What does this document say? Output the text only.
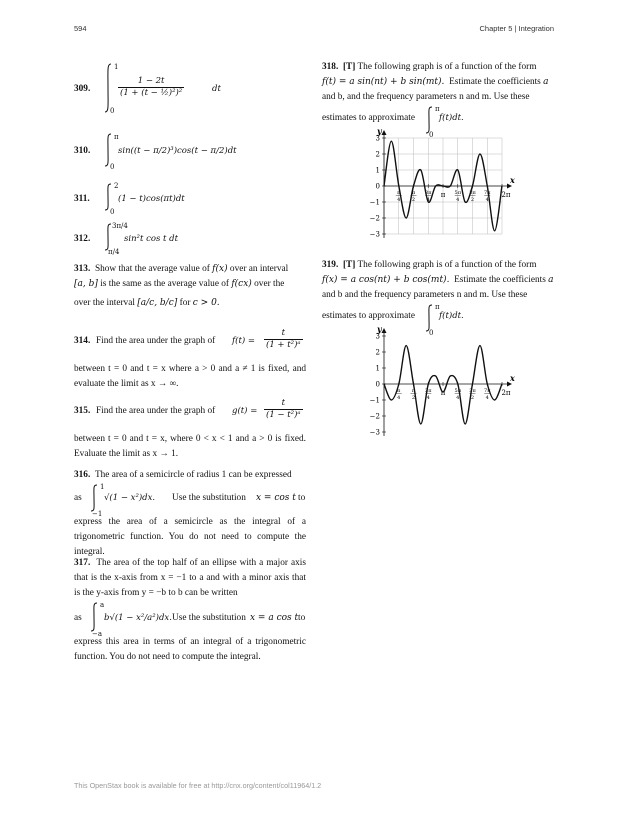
594	Chapter 5 | Integration
309.
1
0
$\frac{1 - 2t}{\text{(1 + (t − ½)²)²}}$	dt
310.
π
0
sin((t − π/2)³)cos(t − π/2)dt
311.
2
0
(1 − t)cos(πt)dt
312.
3π/4
π/4
sin²t cos t dt
313. Show that the average value of f(x) over an interval
[a, b] is the same as the average value of f(cx) over the
over the interval [a/c, b/c] for c > 0.
314. Find the area under the graph of $f(t) = \frac{t}{\text{(1 + t²)ᵃ}}$
between t = 0 and t = x where a > 0 and a ≠ 1 is fixed, and evaluate the limit as x → ∞.
315. Find the area under the graph of $g(t) = \frac{t}{\text{(1 − t²)ᵃ}}$
between t = 0 and t = x, where 0 < x < 1 and a > 0 is fixed. Evaluate the limit as x → 1.
316. The area of a semicircle of radius 1 can be expressed
as
1
−1
√(1 − x²)dx. Use the substitution x = cos t to
express the area of a semicircle as the integral of a trigonometric function. You do not need to compute the integral.
317. The area of the top half of an ellipse with a major axis that is the x-axis from x = −1 to a and with a minor axis that is the y-axis from y = −b to b can be written
as
a
−a
b√(1 − x²/a²)dx. Use the substitution x = a cos t to
express this area in terms of an integral of a trigonometric function. You do not need to compute the integral.
318. [T] The following graph is of a function of the form
f(t) = a sin(nt) + b sin(mt). Estimate the coefficients a
and b, and the frequency parameters n and m. Use these
estimates to approximate
π
0
f(t)dt.
319. [T] The following graph is of a function of the form
f(x) = a cos(nt) + b cos(mt). Estimate the coefficients a
and b and the frequency parameters n and m. Use these
estimates to approximate
π
0
f(t)dt.
y
x
3
2
1
0
−1
−2
−3
π
4
π
2
3π
4
π 5π
4
3π
2
7π
4
2π
y
x
3
2
1
0
−1
−2
−3
π
4
π
2
3π
4
π 5π
4
3π
2
7π
4
2π
This OpenStax book is available for free at http://cnx.org/content/col11964/1.2
